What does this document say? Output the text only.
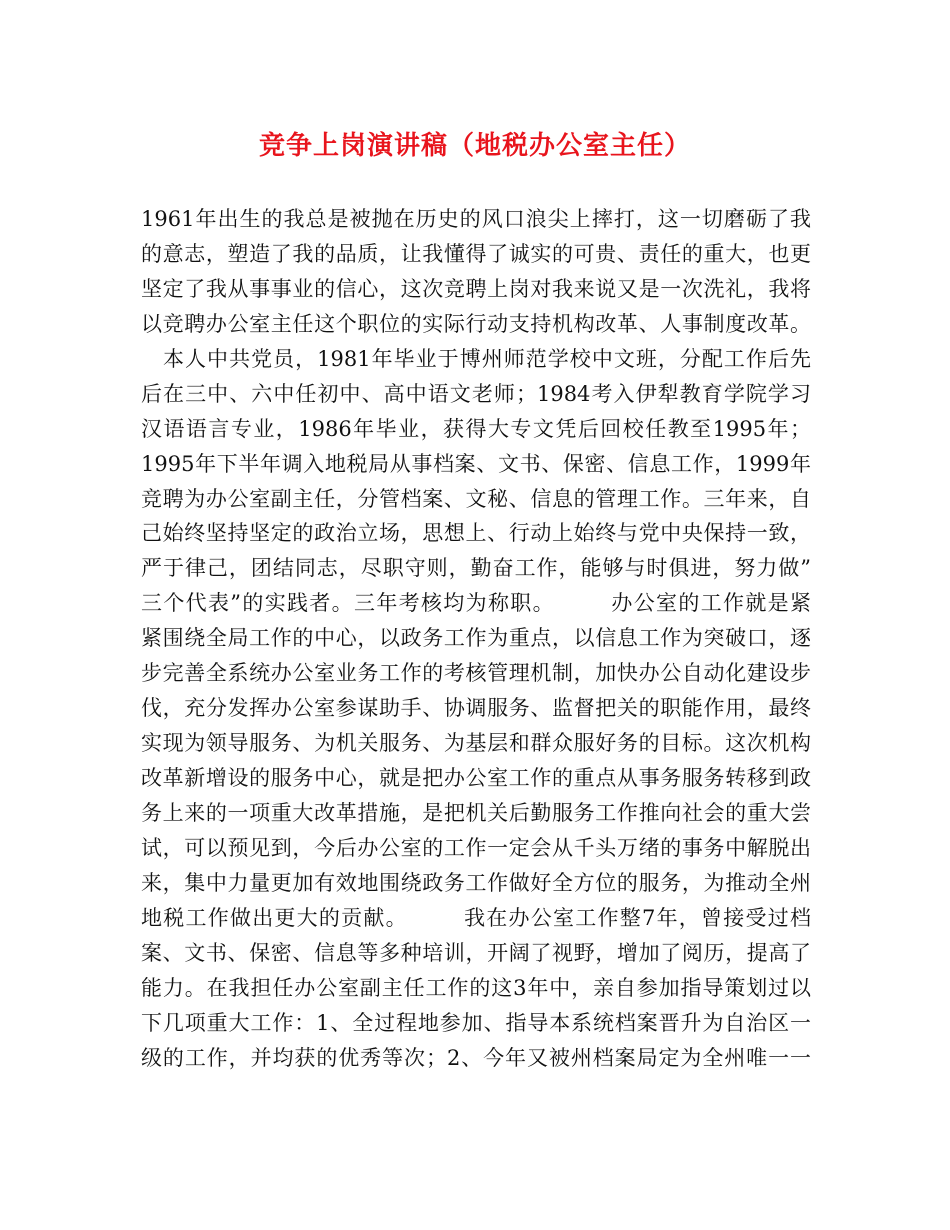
竞争上岗演讲稿（地税办公室主任）
1961年出生的我总是被抛在历史的风口浪尖上摔打，这一切磨砺了我
的意志，塑造了我的品质，让我懂得了诚实的可贵、责任的重大，也更
坚定了我从事事业的信心，这次竞聘上岗对我来说又是一次洗礼，我将
以竞聘办公室主任这个职位的实际行动支持机构改革、人事制度改革。
　本人中共党员，1981年毕业于博州师范学校中文班，分配工作后先
后在三中、六中任初中、高中语文老师；1984考入伊犁教育学院学习
汉语语言专业，1986年毕业，获得大专文凭后回校任教至1995年；
1995年下半年调入地税局从事档案、文书、保密、信息工作，1999年
竞聘为办公室副主任，分管档案、文秘、信息的管理工作。三年来，自
己始终坚持坚定的政治立场，思想上、行动上始终与党中央保持一致，
严于律己，团结同志，尽职守则，勤奋工作，能够与时俱进，努力做”
三个代表”的实践者。三年考核均为称职。　　　办公室的工作就是紧
紧围绕全局工作的中心，以政务工作为重点，以信息工作为突破口，逐
步完善全系统办公室业务工作的考核管理机制，加快办公自动化建设步
伐，充分发挥办公室参谋助手、协调服务、监督把关的职能作用，最终
实现为领导服务、为机关服务、为基层和群众服好务的目标。这次机构
改革新增设的服务中心，就是把办公室工作的重点从事务服务转移到政
务上来的一项重大改革措施，是把机关后勤服务工作推向社会的重大尝
试，可以预见到，今后办公室的工作一定会从千头万绪的事务中解脱出
来，集中力量更加有效地围绕政务工作做好全方位的服务，为推动全州
地税工作做出更大的贡献。　　　我在办公室工作整7年，曾接受过档
案、文书、保密、信息等多种培训，开阔了视野，增加了阅历，提高了
能力。在我担任办公室副主任工作的这3年中，亲自参加指导策划过以
下几项重大工作：1、全过程地参加、指导本系统档案晋升为自治区一
级的工作，并均获的优秀等次；2、今年又被州档案局定为全州唯一一
